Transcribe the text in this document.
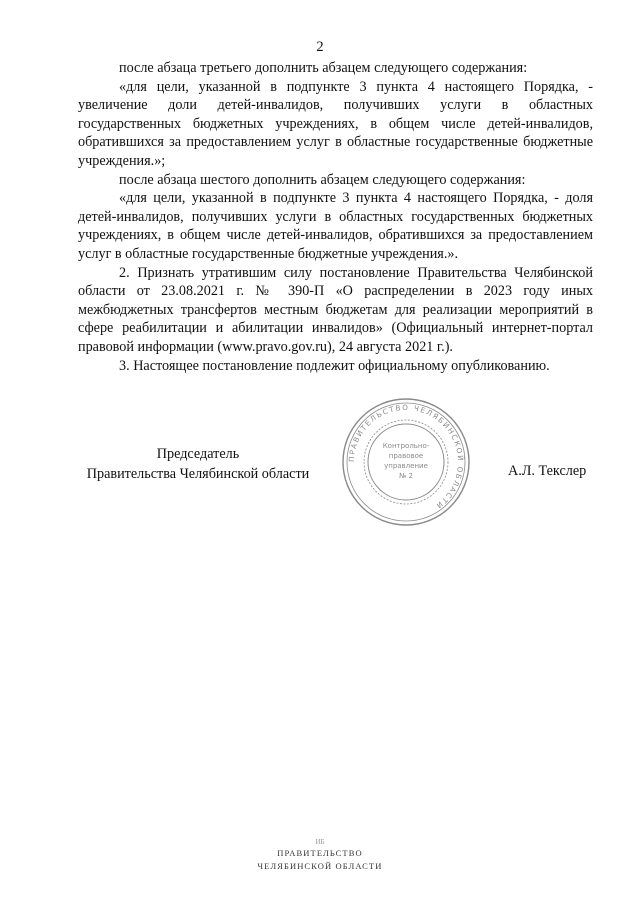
2

после абзаца третьего дополнить абзацем следующего содержания:

«для цели, указанной в подпункте 3 пункта 4 настоящего Порядка, - увеличение доли детей-инвалидов, получивших услуги в областных государственных бюджетных учреждениях, в общем числе детей-инвалидов, обратившихся за предоставлением услуг в областные государственные бюджетные учреждения.»;

после абзаца шестого дополнить абзацем следующего содержания:

«для цели, указанной в подпункте 3 пункта 4 настоящего Порядка, - доля детей-инвалидов, получивших услуги в областных государственных бюджетных учреждениях, в общем числе детей-инвалидов, обратившихся за предоставлением услуг в областные государственные бюджетные учреждения.».

2. Признать утратившим силу постановление Правительства Челябинской области от 23.08.2021 г. № 390-П «О распределении в 2023 году иных межбюджетных трансфертов местным бюджетам для реализации мероприятий в сфере реабилитации и абилитации инвалидов» (Официальный интернет-портал правовой информации (www.pravo.gov.ru), 24 августа 2021 г.).

3. Настоящее постановление подлежит официальному опубликованию.

Председатель
Правительства Челябинской области
ПРАВИТЕЛЬСТВО ЧЕЛЯБИНСКОЙ ОБЛАСТИ
Контрольно-
правовое
управление
№ 2	А.Л. Текслер
ИБ
ПРАВИТЕЛЬСТВО
ЧЕЛЯБИНСКОЙ ОБЛАСТИ
